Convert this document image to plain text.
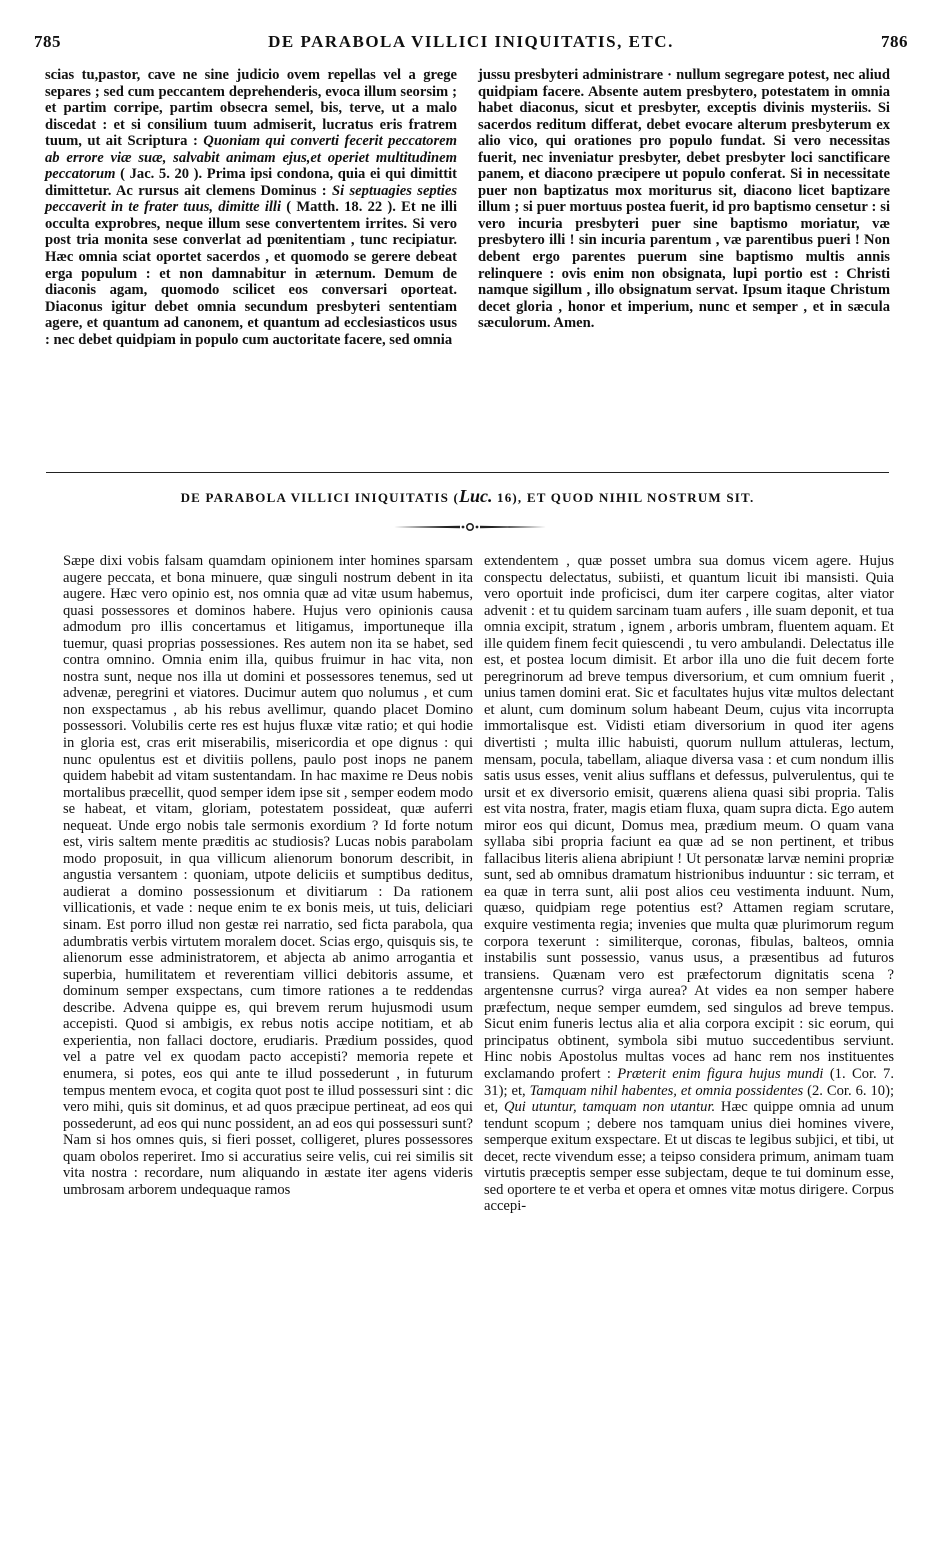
785	DE PARABOLA VILLICI INIQUITATIS, ETC.	786

scias tu,pastor, cave ne sine judicio ovem repellas vel a grege separes ; sed cum peccantem deprehenderis, evoca illum seorsim ; et partim corripe, partim obsecra semel, bis, terve, ut a malo discedat : et si consilium tuum admiserit, lucratus eris fratrem tuum, ut ait Scriptura : Quoniam qui converti fecerit peccatorem ab errore viæ suæ, salvabit animam ejus,et operiet multitudinem peccatorum ( Jac. 5. 20 ). Prima ipsi condona, quia ei qui dimittit dimittetur. Ac rursus ait clemens Dominus : Si septuagies septies peccaverit in te frater tuus, dimitte illi ( Matth. 18. 22 ). Et ne illi occulta exprobres, neque illum sese convertentem irrites. Si vero post tria monita sese converlat ad pœnitentiam , tunc recipiatur. Hæc omnia sciat oportet sacerdos , et quomodo se gerere debeat erga populum : et non damnabitur in æternum. Demum de diaconis agam, quomodo scilicet eos conversari oporteat. Diaconus igitur debet omnia secundum presbyteri sententiam agere, et quantum ad canonem, et quantum ad ecclesiasticos usus : nec debet quidpiam in populo cum auctoritate facere, sed omnia

jussu presbyteri administrare · nullum segregare potest, nec aliud quidpiam facere. Absente autem presbytero, potestatem in omnia habet diaconus, sicut et presbyter, exceptis divinis mysteriis. Si sacerdos reditum differat, debet evocare alterum presbyterum ex alio vico, qui orationes pro populo fundat. Si vero necessitas fuerit, nec inveniatur presbyter, debet presbyter loci sanctificare panem, et diacono præcipere ut populo conferat. Si in necessitate puer non baptizatus mox moriturus sit, diacono licet baptizare illum ; si puer mortuus postea fuerit, id pro baptismo censetur : si vero incuria presbyteri puer sine baptismo moriatur, væ presbytero illi ! sin incuria parentum , væ parentibus pueri ! Non debent ergo parentes puerum sine baptismo multis annis relinquere : ovis enim non obsignata, lupi portio est : Christi namque sigillum , illo obsignatum servat. Ipsum itaque Christum decet gloria , honor et imperium, nunc et semper , et in sæcula sæculorum. Amen.

DE PARABOLA VILLICI INIQUITATIS (Luc. 16), ET QUOD NIHIL NOSTRUM SIT.

Sæpe dixi vobis falsam quamdam opinionem inter homines sparsam augere peccata, et bona minuere, quæ singuli nostrum debent in ita augere. Hæc vero opinio est, nos omnia quæ ad vitæ usum habemus, quasi possessores et dominos habere. Hujus vero opinionis causa admodum pro illis concertamus et litigamus, importuneque illa tuemur, quasi proprias possessiones. Res autem non ita se habet, sed contra omnino. Omnia enim illa, quibus fruimur in hac vita, non nostra sunt, neque nos illa ut domini et possessores tenemus, sed ut advenæ, peregrini et viatores. Ducimur autem quo nolumus , et cum non exspectamus , ab his rebus avellimur, quando placet Domino possessori. Volubilis certe res est hujus fluxæ vitæ ratio; et qui hodie in gloria est, cras erit miserabilis, misericordia et ope dignus : qui nunc opulentus est et divitiis pollens, paulo post inops ne panem quidem habebit ad vitam sustentandam. In hac maxime re Deus nobis mortalibus præcellit, quod semper idem ipse sit , semper eodem modo se habeat, et vitam, gloriam, potestatem possideat, quæ auferri nequeat. Unde ergo nobis tale sermonis exordium ? Id forte notum est, viris saltem mente præditis ac studiosis? Lucas nobis parabolam modo proposuit, in qua villicum alienorum bonorum describit, in angustia versantem : quoniam, utpote deliciis et sumptibus deditus, audierat a domino possessionum et divitiarum : Da rationem villicationis, et vade : neque enim te ex bonis meis, ut tuis, deliciari sinam. Est porro illud non gestæ rei narratio, sed ficta parabola, qua adumbratis verbis virtutem moralem docet. Scias ergo, quisquis sis, te alienorum esse administratorem, et abjecta ab animo arrogantia et superbia, humilitatem et reverentiam villici debitoris assume, et dominum semper exspectans, cum timore rationes a te reddendas describe. Advena quippe es, qui brevem rerum hujusmodi usum accepisti. Quod si ambigis, ex rebus notis accipe notitiam, et ab experientia, non fallaci doctore, erudiaris. Prædium possides, quod vel a patre vel ex quodam pacto accepisti? memoria repete et enumera, si potes, eos qui ante te illud possederunt , in futurum tempus mentem evoca, et cogita quot post te illud possessuri sint : dic vero mihi, quis sit dominus, et ad quos præcipue pertineat, ad eos qui possederunt, ad eos qui nunc possident, an ad eos qui possessuri sunt? Nam si hos omnes quis, si fieri posset, colligeret, plures possessores quam obolos reperiret. Imo si accuratius seire velis, cui rei similis sit vita nostra : recordare, num aliquando in æstate iter agens videris umbrosam arborem undequaque ramos

extendentem , quæ posset umbra sua domus vicem agere. Hujus conspectu delectatus, subiisti, et quantum licuit ibi mansisti. Quia vero oportuit inde proficisci, dum iter carpere cogitas, alter viator advenit : et tu quidem sarcinam tuam aufers , ille suam deponit, et tua omnia excipit, stratum , ignem , arboris umbram, fluentem aquam. Et ille quidem finem fecit quiescendi , tu vero ambulandi. Delectatus ille est, et postea locum dimisit. Et arbor illa uno die fuit decem forte peregrinorum ad breve tempus diversorium, et cum omnium fuerit , unius tamen domini erat. Sic et facultates hujus vitæ multos delectant et alunt, cum dominum solum habeant Deum, cujus vita incorrupta immortalisque est. Vidisti etiam diversorium in quod iter agens divertisti ; multa illic habuisti, quorum nullum attuleras, lectum, mensam, pocula, tabellam, aliaque diversa vasa : et cum nondum illis satis usus esses, venit alius sufflans et defessus, pulverulentus, qui te ursit et ex diversorio emisit, quærens aliena quasi sibi propria. Talis est vita nostra, frater, magis etiam fluxa, quam supra dicta. Ego autem miror eos qui dicunt, Domus mea, prædium meum. O quam vana syllaba sibi propria faciunt ea quæ ad se non pertinent, et tribus fallacibus literis aliena abripiunt ! Ut personatæ larvæ nemini propriæ sunt, sed ab omnibus dramatum histrionibus induuntur : sic terram, et ea quæ in terra sunt, alii post alios ceu vestimenta induunt. Num, quæso, quidpiam rege potentius est? Attamen regiam scrutare, exquire vestimenta regia; invenies que multa quæ plurimorum regum corpora texerunt : similiterque, coronas, fibulas, balteos, omnia instabilis sunt possessio, vanus usus, a præsentibus ad futuros transiens. Quænam vero est præfectorum dignitatis scena ? argentensne currus? virga aurea? At vides ea non semper habere præfectum, neque semper eumdem, sed singulos ad breve tempus. Sicut enim funeris lectus alia et alia corpora excipit : sic eorum, qui principatus obtinent, symbola sibi mutuo succedentibus serviunt. Hinc nobis Apostolus multas voces ad hanc rem nos instituentes exclamando profert : Præterit enim figura hujus mundi (1. Cor. 7. 31); et, Tamquam nihil habentes, et omnia possidentes (2. Cor. 6. 10); et, Qui utuntur, tamquam non utantur. Hæc quippe omnia ad unum tendunt scopum ; debere nos tamquam unius diei homines vivere, semperque exitum exspectare. Et ut discas te legibus subjici, et tibi, ut decet, recte vivendum esse; a teipso considera primum, animam tuam virtutis præceptis semper esse subjectam, deque te tui dominum esse, sed oportere te et verba et opera et omnes vitæ motus dirigere. Corpus accepi-
